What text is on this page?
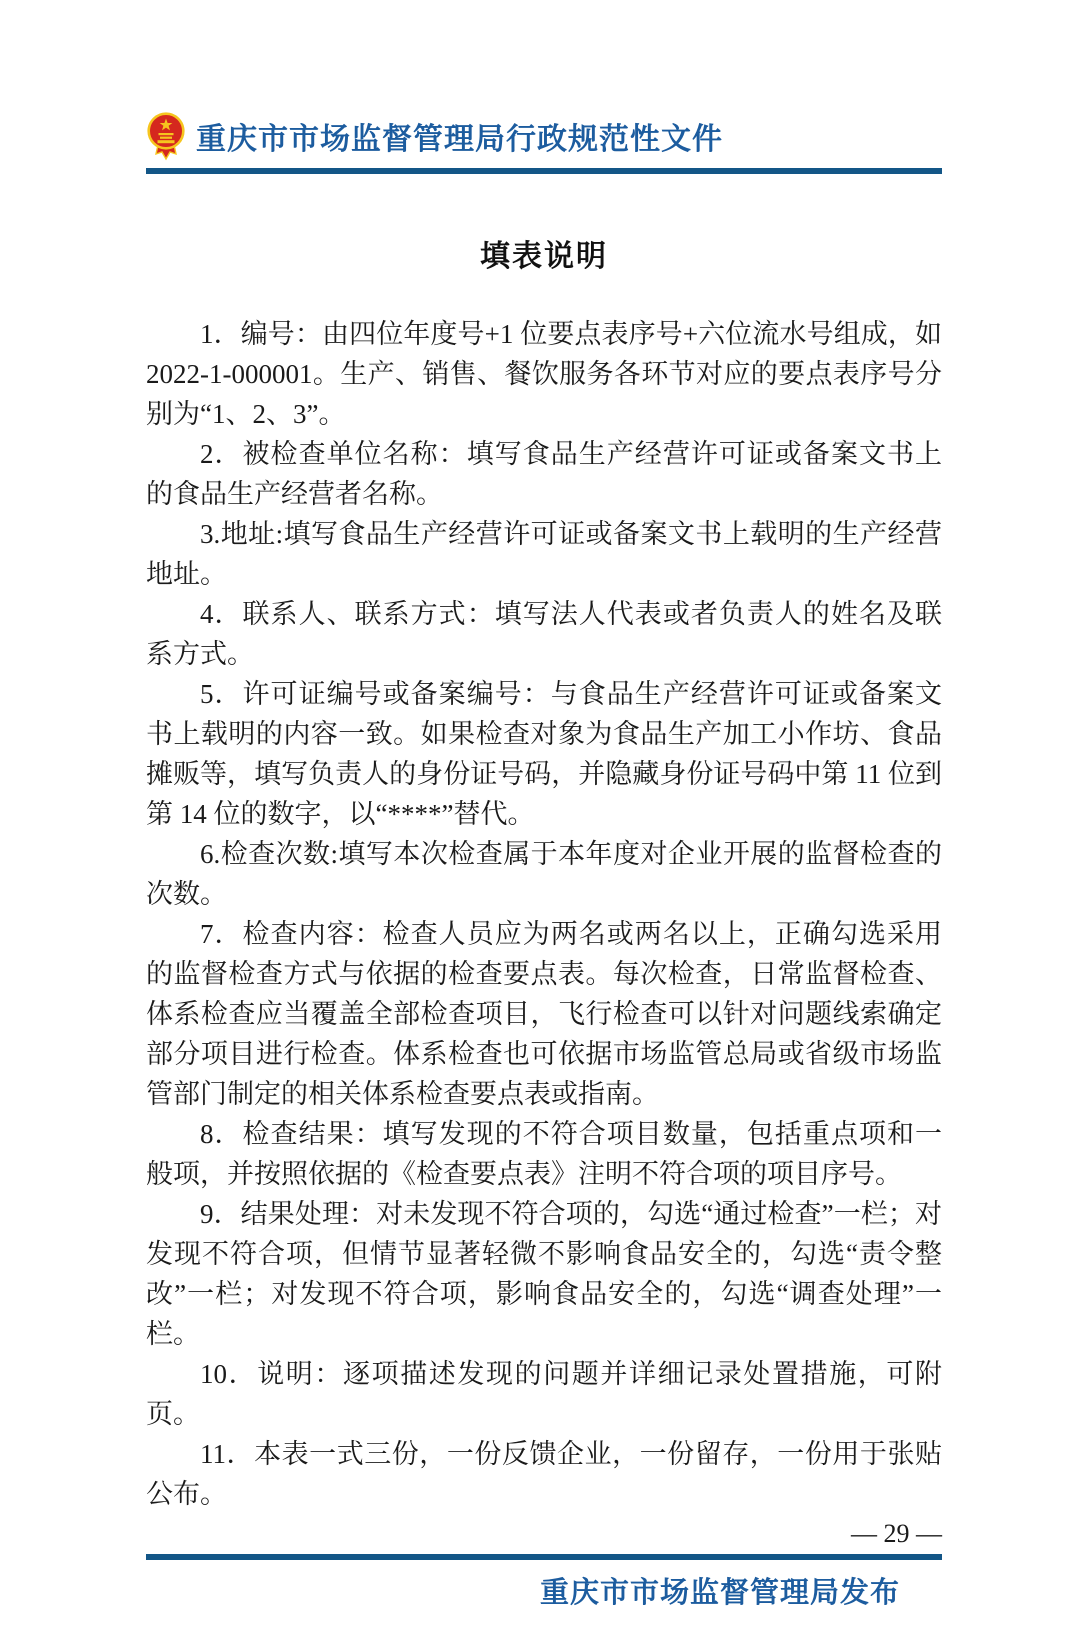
重庆市市场监督管理局行政规范性文件
填表说明

1．编号：由四位年度号+1 位要点表序号+六位流水号组成，如2022-1-000001。生产、销售、餐饮服务各环节对应的要点表序号分别为“1、2、3”。

2．被检查单位名称：填写食品生产经营许可证或备案文书上的食品生产经营者名称。

3.地址:填写食品生产经营许可证或备案文书上载明的生产经营地址。

4．联系人、联系方式：填写法人代表或者负责人的姓名及联系方式。

5．许可证编号或备案编号：与食品生产经营许可证或备案文书上载明的内容一致。如果检查对象为食品生产加工小作坊、食品摊贩等，填写负责人的身份证号码，并隐藏身份证号码中第 11 位到第 14 位的数字，以“****”替代。

6.检查次数:填写本次检查属于本年度对企业开展的监督检查的次数。

7．检查内容：检查人员应为两名或两名以上，正确勾选采用的监督检查方式与依据的检查要点表。每次检查，日常监督检查、体系检查应当覆盖全部检查项目，飞行检查可以针对问题线索确定部分项目进行检查。体系检查也可依据市场监管总局或省级市场监管部门制定的相关体系检查要点表或指南。

8．检查结果：填写发现的不符合项目数量，包括重点项和一般项，并按照依据的《检查要点表》注明不符合项的项目序号。

9．结果处理：对未发现不符合项的，勾选“通过检查”一栏；对发现不符合项，但情节显著轻微不影响食品安全的，勾选“责令整改”一栏；对发现不符合项，影响食品安全的，勾选“调查处理”一栏。

10．说明：逐项描述发现的问题并详细记录处置措施，可附页。

11．本表一式三份，一份反馈企业，一份留存，一份用于张贴公布。

— 29 —
重庆市市场监督管理局发布
